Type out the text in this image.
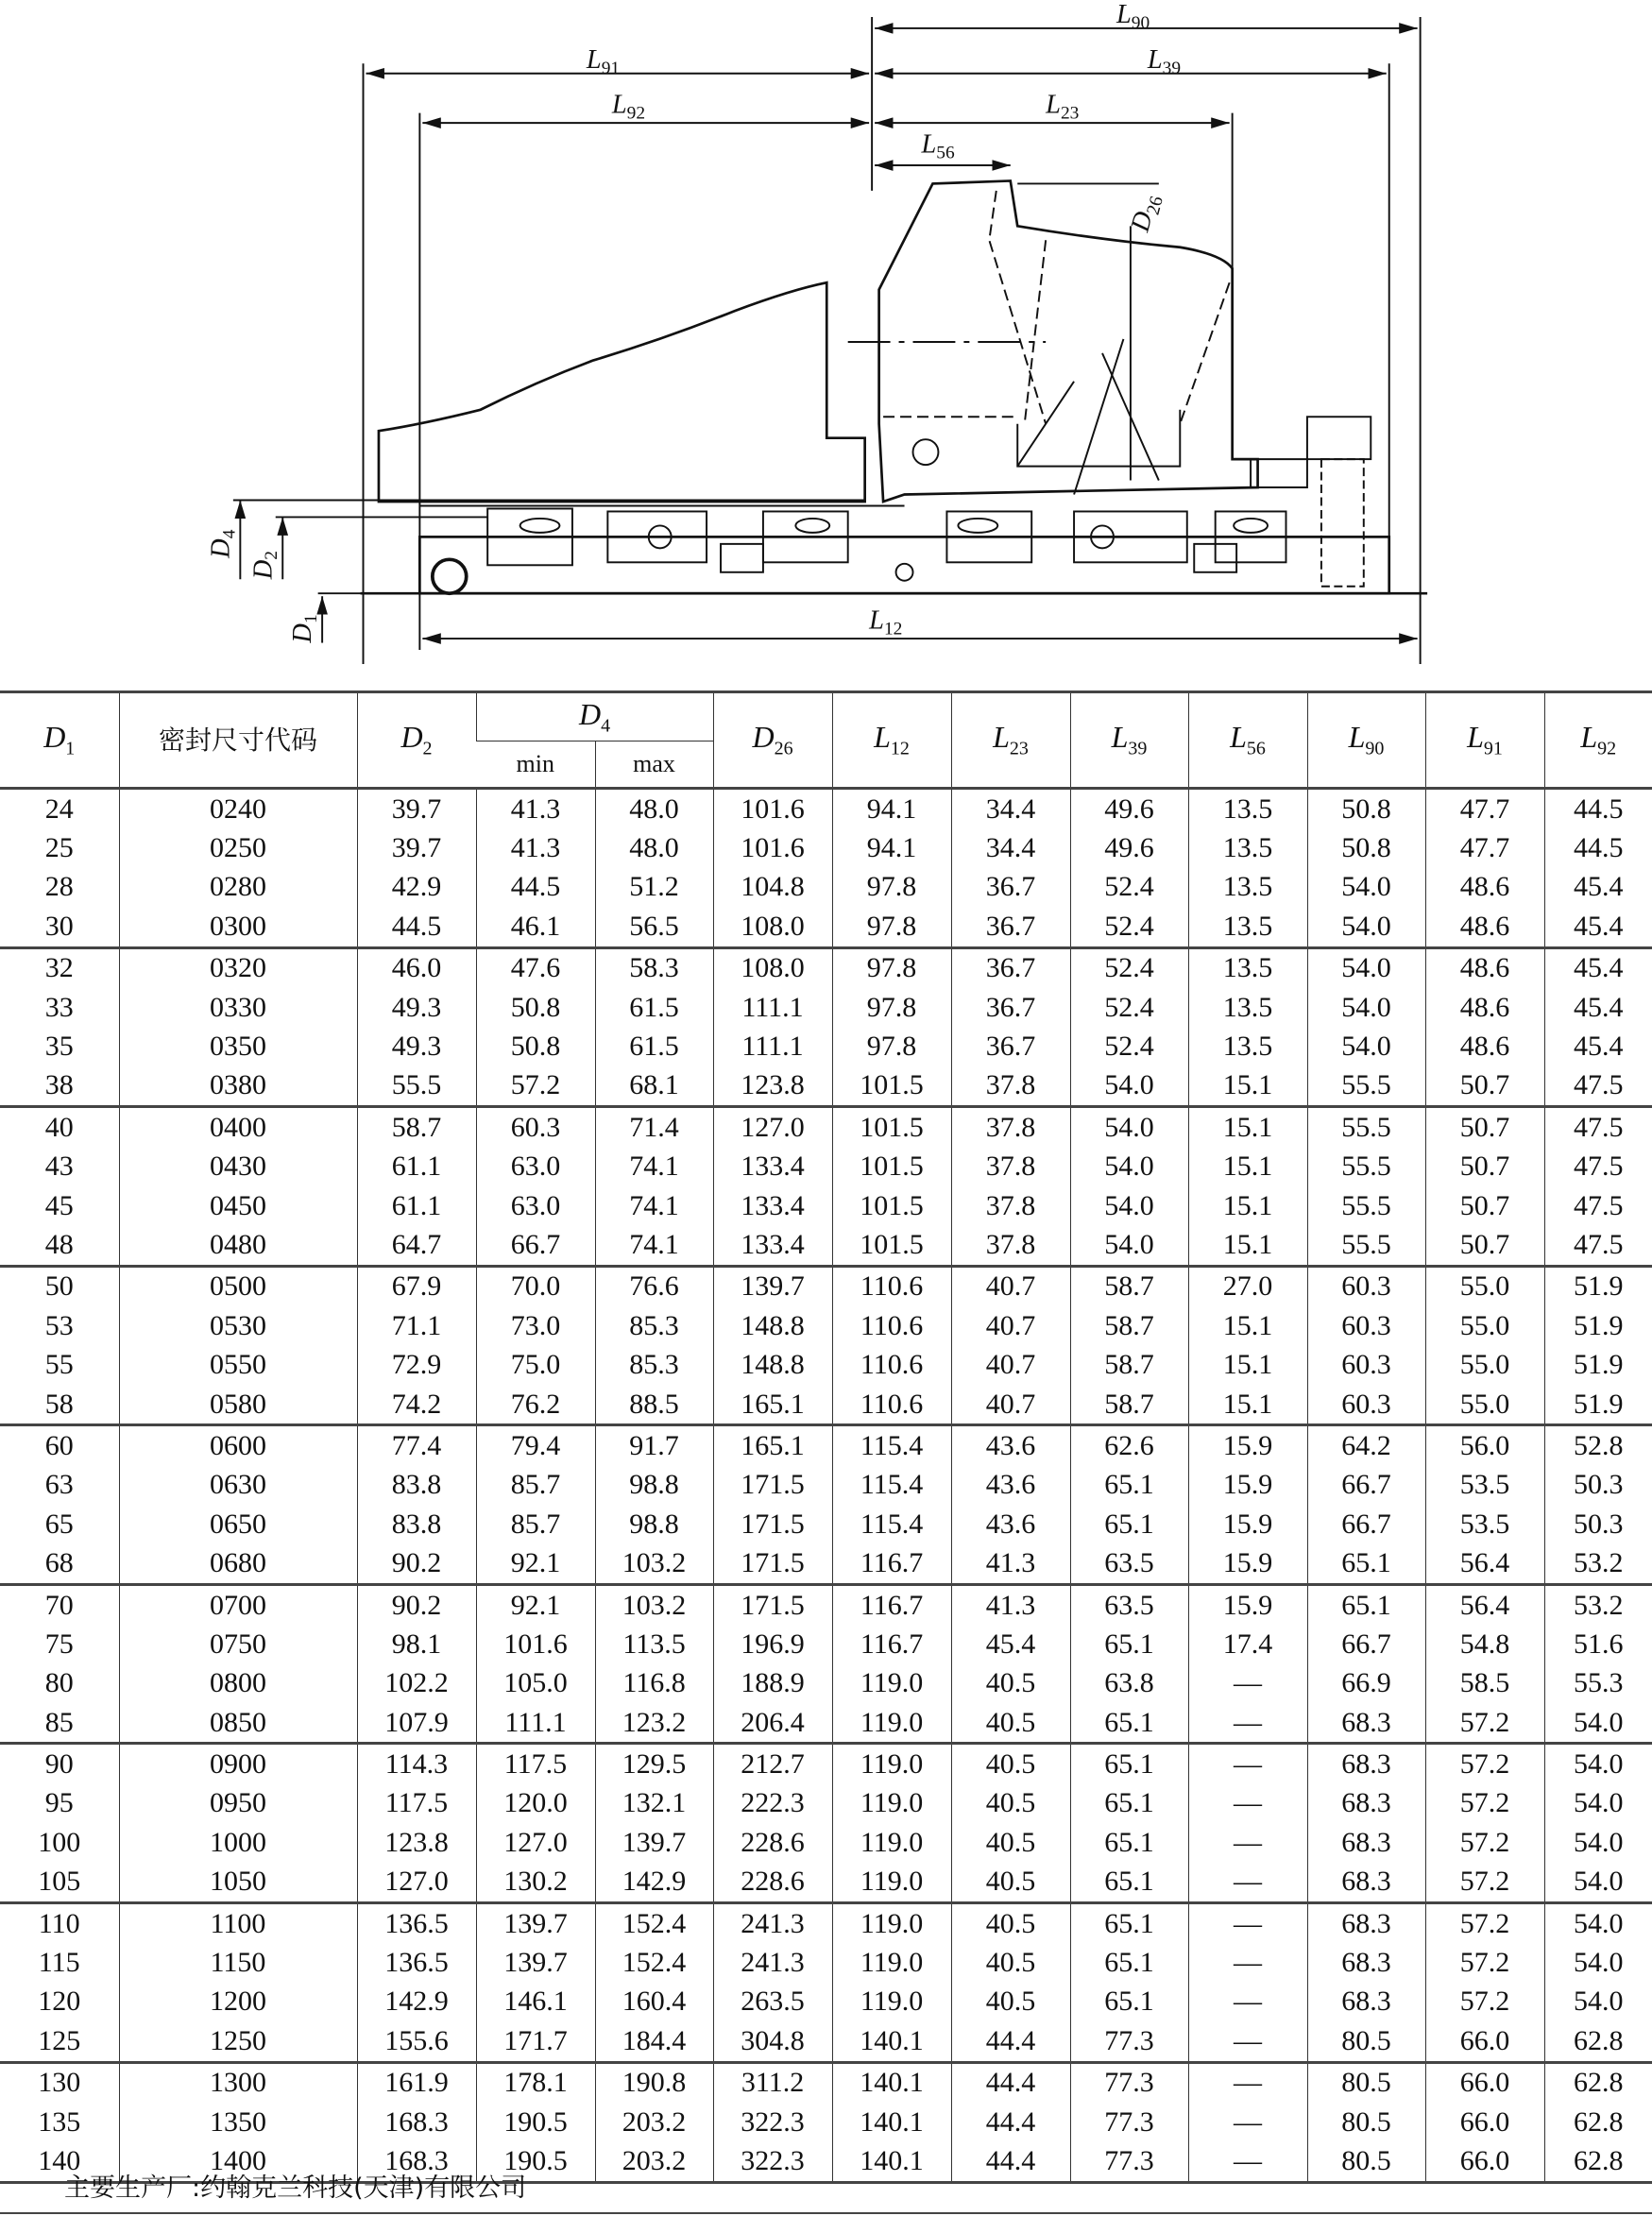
$L_{90}$
$L_{91}$	$L_{39}$
$L_{92}$	$L_{23}$
$L_{56}$
$D_{26}$
$D_4$
$D_2$
$D_1$	$L_{12}$
$D_1$	密封尺寸代码	$D_2$	$D_4$		$D_{26}$	$L_{12}$	$L_{23}$	$L_{39}$	$L_{56}$	$L_{90}$	$L_{91}$	$L_{92}$
			min	max								
24	0240	39.7	41.3	48.0	101.6	94.1	34.4	49.6	13.5	50.8	47.7	44.5
25	0250	39.7	41.3	48.0	101.6	94.1	34.4	49.6	13.5	50.8	47.7	44.5
28	0280	42.9	44.5	51.2	104.8	97.8	36.7	52.4	13.5	54.0	48.6	45.4
30	0300	44.5	46.1	56.5	108.0	97.8	36.7	52.4	13.5	54.0	48.6	45.4
32	0320	46.0	47.6	58.3	108.0	97.8	36.7	52.4	13.5	54.0	48.6	45.4
33	0330	49.3	50.8	61.5	111.1	97.8	36.7	52.4	13.5	54.0	48.6	45.4
35	0350	49.3	50.8	61.5	111.1	97.8	36.7	52.4	13.5	54.0	48.6	45.4
38	0380	55.5	57.2	68.1	123.8	101.5	37.8	54.0	15.1	55.5	50.7	47.5
40	0400	58.7	60.3	71.4	127.0	101.5	37.8	54.0	15.1	55.5	50.7	47.5
43	0430	61.1	63.0	74.1	133.4	101.5	37.8	54.0	15.1	55.5	50.7	47.5
45	0450	61.1	63.0	74.1	133.4	101.5	37.8	54.0	15.1	55.5	50.7	47.5
48	0480	64.7	66.7	74.1	133.4	101.5	37.8	54.0	15.1	55.5	50.7	47.5
50	0500	67.9	70.0	76.6	139.7	110.6	40.7	58.7	27.0	60.3	55.0	51.9
53	0530	71.1	73.0	85.3	148.8	110.6	40.7	58.7	15.1	60.3	55.0	51.9
55	0550	72.9	75.0	85.3	148.8	110.6	40.7	58.7	15.1	60.3	55.0	51.9
58	0580	74.2	76.2	88.5	165.1	110.6	40.7	58.7	15.1	60.3	55.0	51.9
60	0600	77.4	79.4	91.7	165.1	115.4	43.6	62.6	15.9	64.2	56.0	52.8
63	0630	83.8	85.7	98.8	171.5	115.4	43.6	65.1	15.9	66.7	53.5	50.3
65	0650	83.8	85.7	98.8	171.5	115.4	43.6	65.1	15.9	66.7	53.5	50.3
68	0680	90.2	92.1	103.2	171.5	116.7	41.3	63.5	15.9	65.1	56.4	53.2
70	0700	90.2	92.1	103.2	171.5	116.7	41.3	63.5	15.9	65.1	56.4	53.2
75	0750	98.1	101.6	113.5	196.9	116.7	45.4	65.1	17.4	66.7	54.8	51.6
80	0800	102.2	105.0	116.8	188.9	119.0	40.5	63.8	—	66.9	58.5	55.3
85	0850	107.9	111.1	123.2	206.4	119.0	40.5	65.1	—	68.3	57.2	54.0
90	0900	114.3	117.5	129.5	212.7	119.0	40.5	65.1	—	68.3	57.2	54.0
95	0950	117.5	120.0	132.1	222.3	119.0	40.5	65.1	—	68.3	57.2	54.0
100	1000	123.8	127.0	139.7	228.6	119.0	40.5	65.1	—	68.3	57.2	54.0
105	1050	127.0	130.2	142.9	228.6	119.0	40.5	65.1	—	68.3	57.2	54.0
110	1100	136.5	139.7	152.4	241.3	119.0	40.5	65.1	—	68.3	57.2	54.0
115	1150	136.5	139.7	152.4	241.3	119.0	40.5	65.1	—	68.3	57.2	54.0
120	1200	142.9	146.1	160.4	263.5	119.0	40.5	65.1	—	68.3	57.2	54.0
125	1250	155.6	171.7	184.4	304.8	140.1	44.4	77.3	—	80.5	66.0	62.8
130	1300	161.9	178.1	190.8	311.2	140.1	44.4	77.3	—	80.5	66.0	62.8
135	1350	168.3	190.5	203.2	322.3	140.1	44.4	77.3	—	80.5	66.0	62.8
140	1400	168.3	190.5	203.2	322.3	140.1	44.4	77.3	—	80.5	66.0	62.8
主要生产厂:约翰克兰科技(天津)有限公司
